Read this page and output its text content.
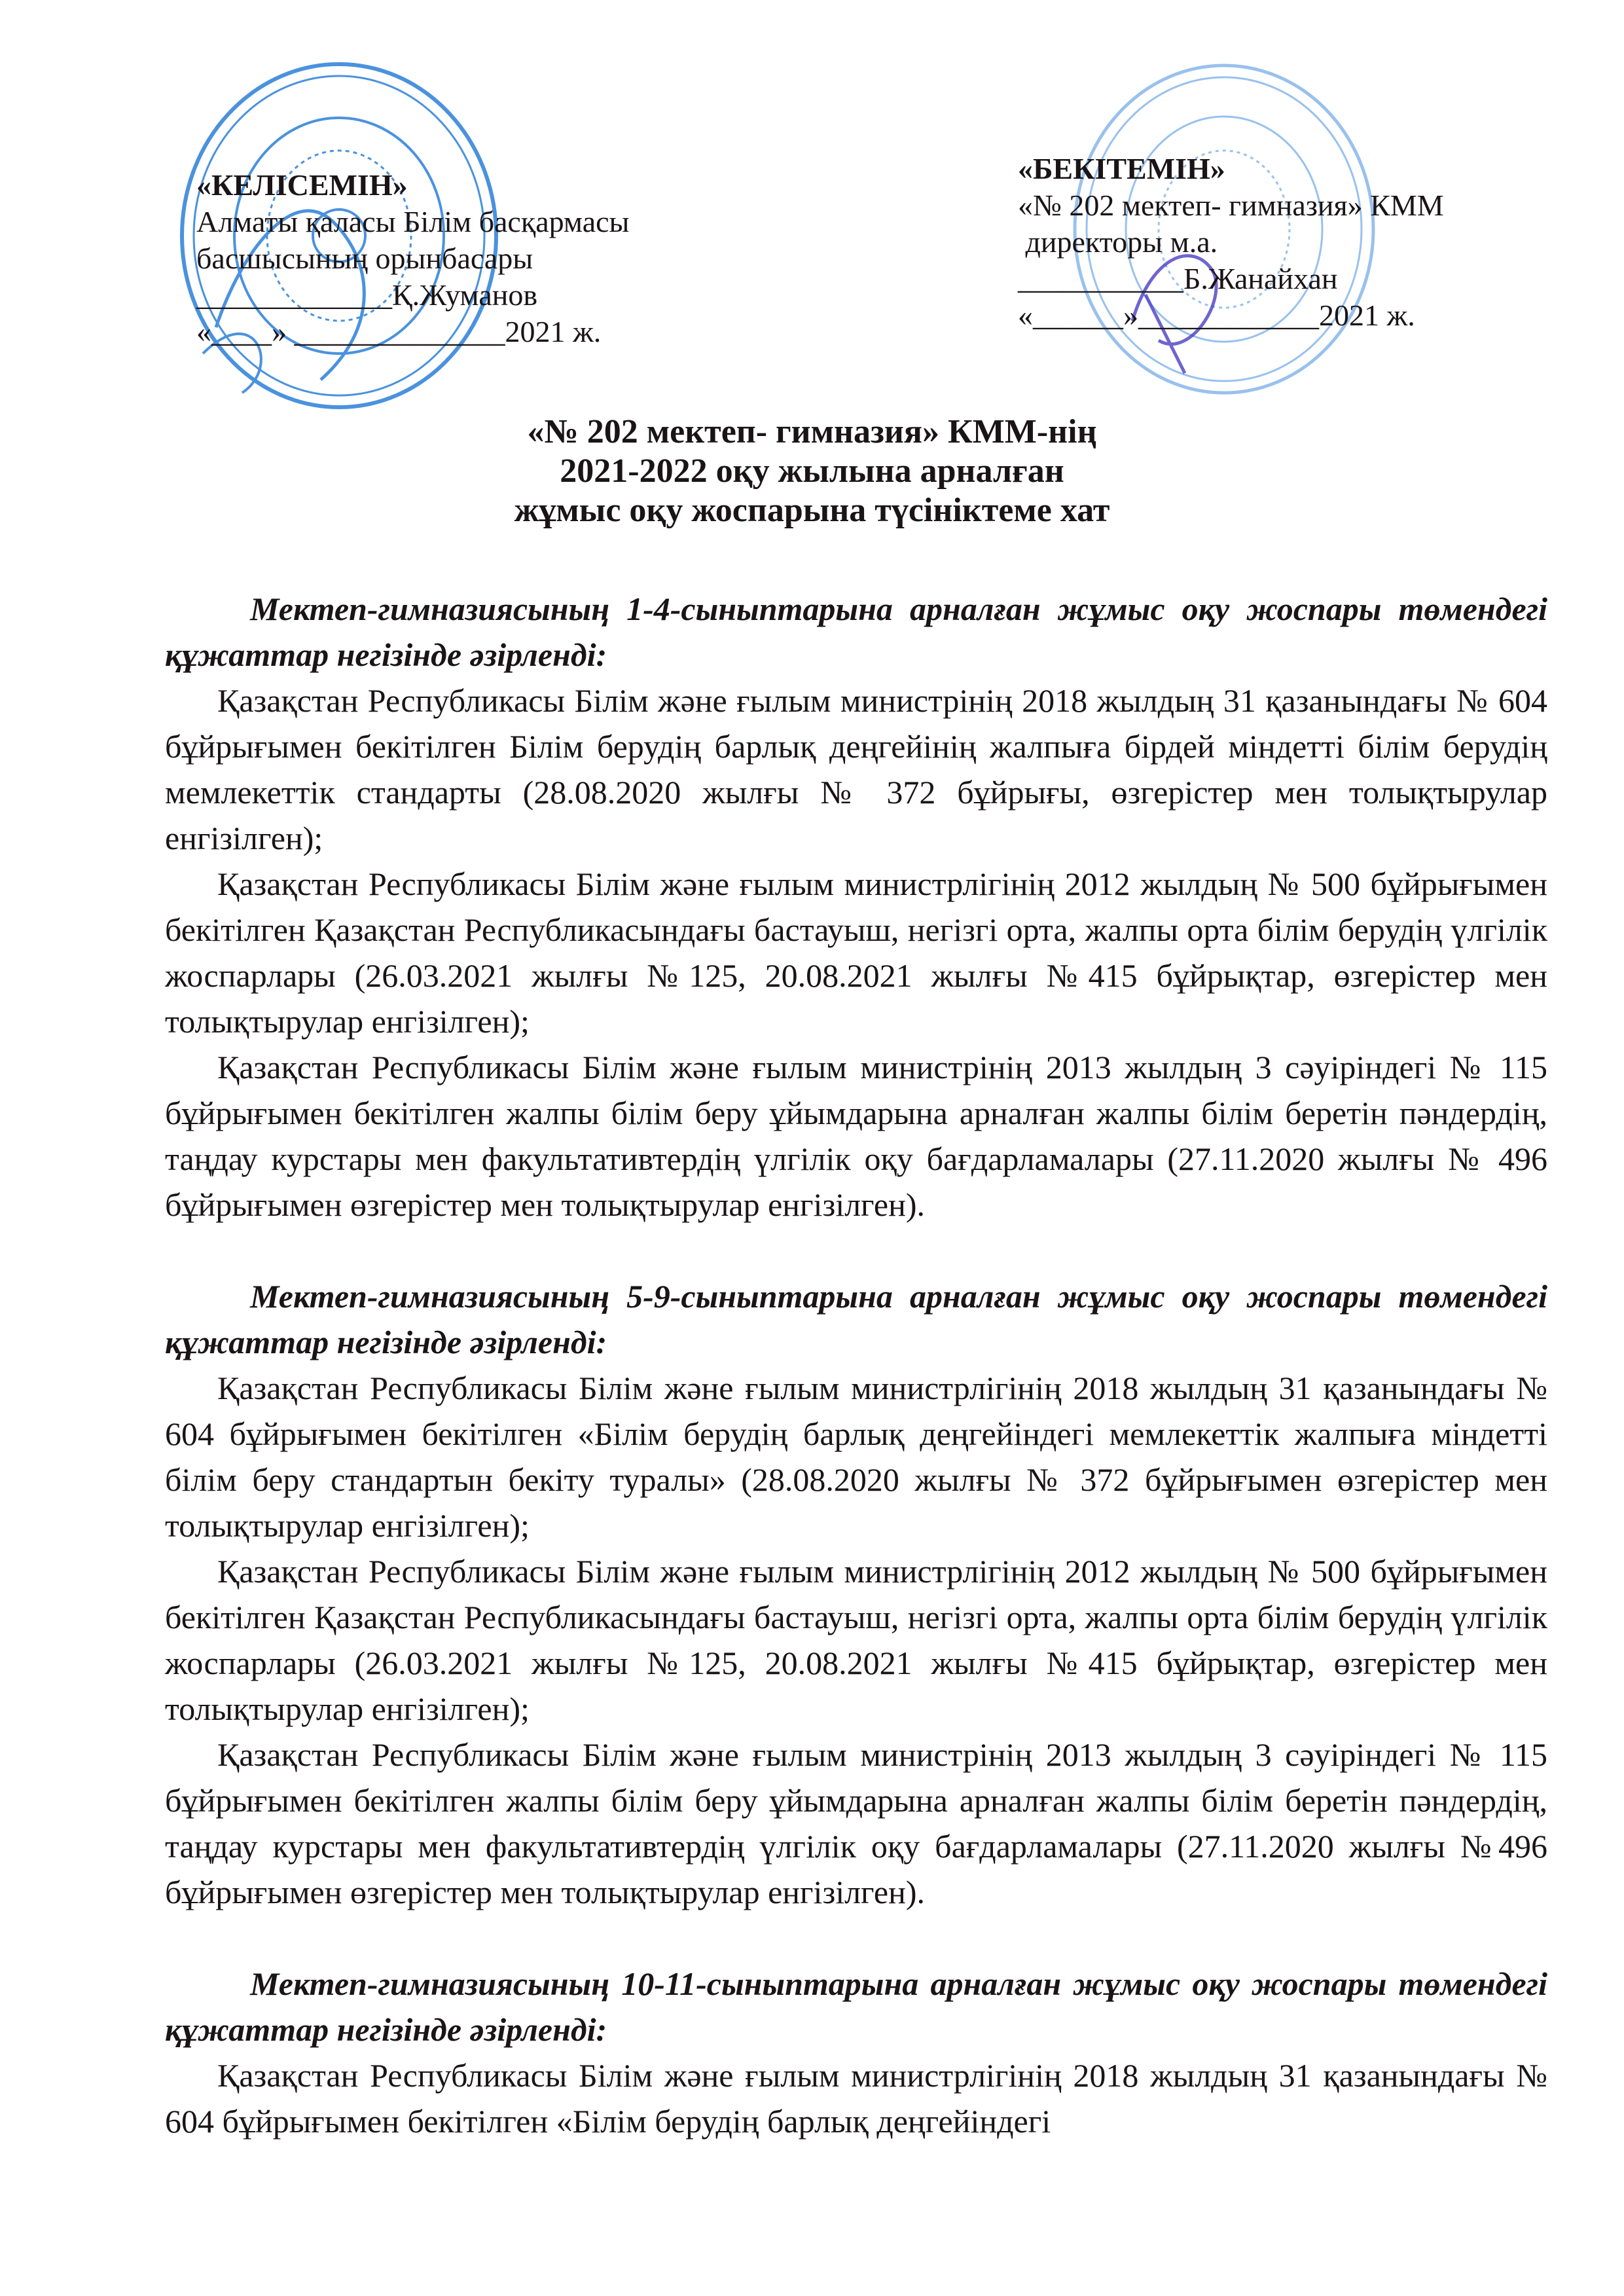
«КЕЛІСЕМІН»
Алматы қаласы Білім басқармасы
басшысының орынбасары
_____________Қ.Жуманов
«____» ______________2021 ж.
«БЕКІТЕМІН»
«№ 202 мектеп- гимназия» КММ
директоры м.а.
___________Б.Жанайхан
«______»____________2021 ж.
«№ 202 мектеп- гимназия» КММ-нің
2021-2022 оқу жылына арналған
жұмыс оқу жоспарына түсініктеме хат

Мектеп-гимназиясының 1-4-сыныптарына арналған жұмыс оқу жоспары төмендегі құжаттар негізінде әзірленді:

Қазақстан Республикасы Білім және ғылым министрінің 2018 жылдың 31 қазанындағы № 604 бұйрығымен бекітілген Білім берудің барлық деңгейінің жалпыға бірдей міндетті білім берудің мемлекеттік стандарты (28.08.2020 жылғы № 372 бұйрығы, өзгерістер мен толықтырулар енгізілген);

Қазақстан Республикасы Білім және ғылым министрлігінің 2012 жылдың № 500 бұйрығымен бекітілген Қазақстан Республикасындағы бастауыш, негізгі орта, жалпы орта білім берудің үлгілік жоспарлары (26.03.2021 жылғы №125, 20.08.2021 жылғы №415 бұйрықтар, өзгерістер мен толықтырулар енгізілген);

Қазақстан Республикасы Білім және ғылым министрінің 2013 жылдың 3 сәуіріндегі № 115 бұйрығымен бекітілген жалпы білім беру ұйымдарына арналған жалпы білім беретін пәндердің, таңдау курстары мен факультативтердің үлгілік оқу бағдарламалары (27.11.2020 жылғы № 496 бұйрығымен өзгерістер мен толықтырулар енгізілген).

Мектеп-гимназиясының 5-9-сыныптарына арналған жұмыс оқу жоспары төмендегі құжаттар негізінде әзірленді:

Қазақстан Республикасы Білім және ғылым министрлігінің 2018 жылдың 31 қазанындағы № 604 бұйрығымен бекітілген «Білім берудің барлық деңгейіндегі мемлекеттік жалпыға міндетті білім беру стандартын бекіту туралы» (28.08.2020 жылғы № 372 бұйрығымен өзгерістер мен толықтырулар енгізілген);

Қазақстан Республикасы Білім және ғылым министрлігінің 2012 жылдың № 500 бұйрығымен бекітілген Қазақстан Республикасындағы бастауыш, негізгі орта, жалпы орта білім берудің үлгілік жоспарлары (26.03.2021 жылғы №125, 20.08.2021 жылғы №415 бұйрықтар, өзгерістер мен толықтырулар енгізілген);

Қазақстан Республикасы Білім және ғылым министрінің 2013 жылдың 3 сәуіріндегі № 115 бұйрығымен бекітілген жалпы білім беру ұйымдарына арналған жалпы білім беретін пәндердің, таңдау курстары мен факультативтердің үлгілік оқу бағдарламалары (27.11.2020 жылғы №496 бұйрығымен өзгерістер мен толықтырулар енгізілген).

Мектеп-гимназиясының 10-11-сыныптарына арналған жұмыс оқу жоспары төмендегі құжаттар негізінде әзірленді:

Қазақстан Республикасы Білім және ғылым министрлігінің 2018 жылдың 31 қазанындағы № 604 бұйрығымен бекітілген «Білім берудің барлық деңгейіндегі
